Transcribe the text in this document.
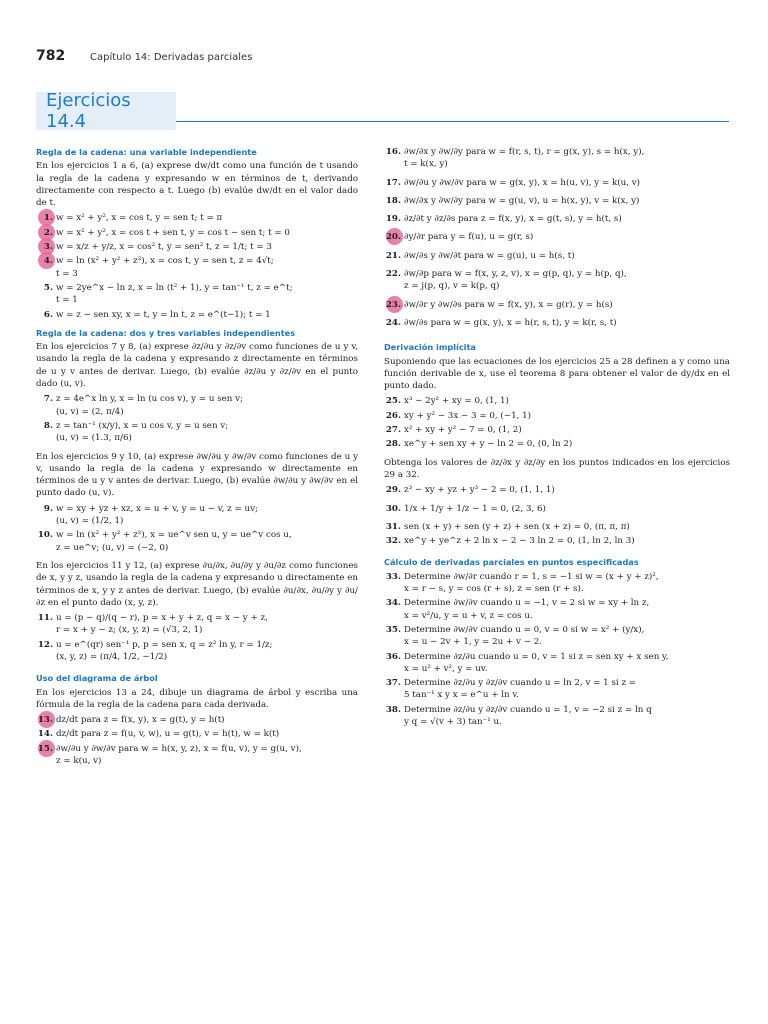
782 Capítulo 14: Derivadas parciales
Ejercicios 14.4
Regla de la cadena: una variable independiente
En los ejercicios 1 a 6, (a) exprese dw/dt como una función de t usando la regla de la cadena y expresando w en términos de t, derivando directamente con respecto a t. Luego (b) evalúe dw/dt en el valor dado de t.
1. w = x² + y², x = cos t, y = sen t; t = π
2. w = x² + y², x = cos t + sen t, y = cos t − sen t; t = 0
3. w = x/z + y/z, x = cos² t, y = sen² t, z = 1/t; t = 3
4. w = ln (x² + y² + z²), x = cos t, y = sen t, z = 4√t;
t = 3
5. w = 2ye^x − ln z, x = ln (t² + 1), y = tan⁻¹ t, z = e^t;
t = 1
6. w = z − sen xy, x = t, y = ln t, z = e^(t−1); t = 1
Regla de la cadena: dos y tres variables independientes
En los ejercicios 7 y 8, (a) exprese ∂z/∂u y ∂z/∂v como funciones de u y v, usando la regla de la cadena y expresando z directamente en términos de u y v antes de derivar. Luego, (b) evalúe ∂z/∂u y ∂z/∂v en el punto dado (u, v).
7. z = 4e^x ln y, x = ln (u cos v), y = u sen v;
(u, v) = (2, π/4)
8. z = tan⁻¹ (x/y), x = u cos v, y = u sen v;
(u, v) = (1.3, π/6)
En los ejercicios 9 y 10, (a) exprese ∂w/∂u y ∂w/∂v como funciones de u y v, usando la regla de la cadena y expresando w directamente en términos de u y v antes de derivar. Luego, (b) evalúe ∂w/∂u y ∂w/∂v en el punto dado (u, v).
9. w = xy + yz + xz, x = u + v, y = u − v, z = uv;
(u, v) = (1/2, 1)
10. w = ln (x² + y² + z²), x = ue^v sen u, y = ue^v cos u,
z = ue^v; (u, v) = (−2, 0)
En los ejercicios 11 y 12, (a) exprese ∂u/∂x, ∂u/∂y y ∂u/∂z como funciones de x, y y z, usando la regla de la cadena y expresando u directamente en términos de x, y y z antes de derivar. Luego, (b) evalúe ∂u/∂x, ∂u/∂y y ∂u/∂z en el punto dado (x, y, z).
11. u = (p − q)/(q − r), p = x + y + z, q = x − y + z,
r = x + y − z; (x, y, z) = (√3, 2, 1)
12. u = e^(qr) sen⁻¹ p, p = sen x, q = z² ln y, r = 1/z;
(x, y, z) = (π/4, 1/2, −1/2)
Uso del diagrama de árbol
En los ejercicios 13 a 24, dibuje un diagrama de árbol y escriba una fórmula de la regla de la cadena para cada derivada.
13. dz/dt para z = f(x, y), x = g(t), y = h(t)
14. dz/dt para z = f(u, v, w), u = g(t), v = h(t), w = k(t)
15. ∂w/∂u y ∂w/∂v para w = h(x, y, z), x = f(u, v), y = g(u, v),
z = k(u, v)
16. ∂w/∂x y ∂w/∂y para w = f(r, s, t), r = g(x, y), s = h(x, y),
t = k(x, y)
17. ∂w/∂u y ∂w/∂v para w = g(x, y), x = h(u, v), y = k(u, v)
18. ∂w/∂x y ∂w/∂y para w = g(u, v), u = h(x, y), v = k(x, y)
19. ∂z/∂t y ∂z/∂s para z = f(x, y), x = g(t, s), y = h(t, s)
20. ∂y/∂r para y = f(u), u = g(r, s)
21. ∂w/∂s y ∂w/∂t para w = g(u), u = h(s, t)
22. ∂w/∂p para w = f(x, y, z, v), x = g(p, q), y = h(p, q),
z = j(p, q), v = k(p, q)
23. ∂w/∂r y ∂w/∂s para w = f(x, y), x = g(r), y = h(s)
24. ∂w/∂s para w = g(x, y), x = h(r, s, t), y = k(r, s, t)
Derivación implícita
Suponiendo que las ecuaciones de los ejercicios 25 a 28 definen a y como una función derivable de x, use el teorema 8 para obtener el valor de dy/dx en el punto dado.
25. x³ − 2y² + xy = 0, (1, 1)
26. xy + y² − 3x − 3 = 0, (−1, 1)
27. x² + xy + y² − 7 = 0, (1, 2)
28. xe^y + sen xy + y − ln 2 = 0, (0, ln 2)
Obtenga los valores de ∂z/∂x y ∂z/∂y en los puntos indicados en los ejercicios 29 a 32.
29. z³ − xy + yz + y³ − 2 = 0, (1, 1, 1)
30. 1/x + 1/y + 1/z − 1 = 0, (2, 3, 6)
31. sen (x + y) + sen (y + z) + sen (x + z) = 0, (π, π, π)
32. xe^y + ye^z + 2 ln x − 2 − 3 ln 2 = 0, (1, ln 2, ln 3)
Cálculo de derivadas parciales en puntos especificadas
33. Determine ∂w/∂r cuando r = 1, s = −1 si w = (x + y + z)²,
x = r − s, y = cos (r + s), z = sen (r + s).
34. Determine ∂w/∂v cuando u = −1, v = 2 si w = xy + ln z,
x = v²/u, y = u + v, z = cos u.
35. Determine ∂w/∂v cuando u = 0, v = 0 si w = x² + (y/x),
x = u − 2v + 1, y = 2u + v − 2.
36. Determine ∂z/∂u cuando u = 0, v = 1 si z = sen xy + x sen y,
x = u² + v², y = uv.
37. Determine ∂z/∂u y ∂z/∂v cuando u = ln 2, v = 1 si z =
5 tan⁻¹ x y x = e^u + ln v.
38. Determine ∂z/∂u y ∂z/∂v cuando u = 1, v = −2 si z = ln q
y q = √(v + 3) tan⁻¹ u.
